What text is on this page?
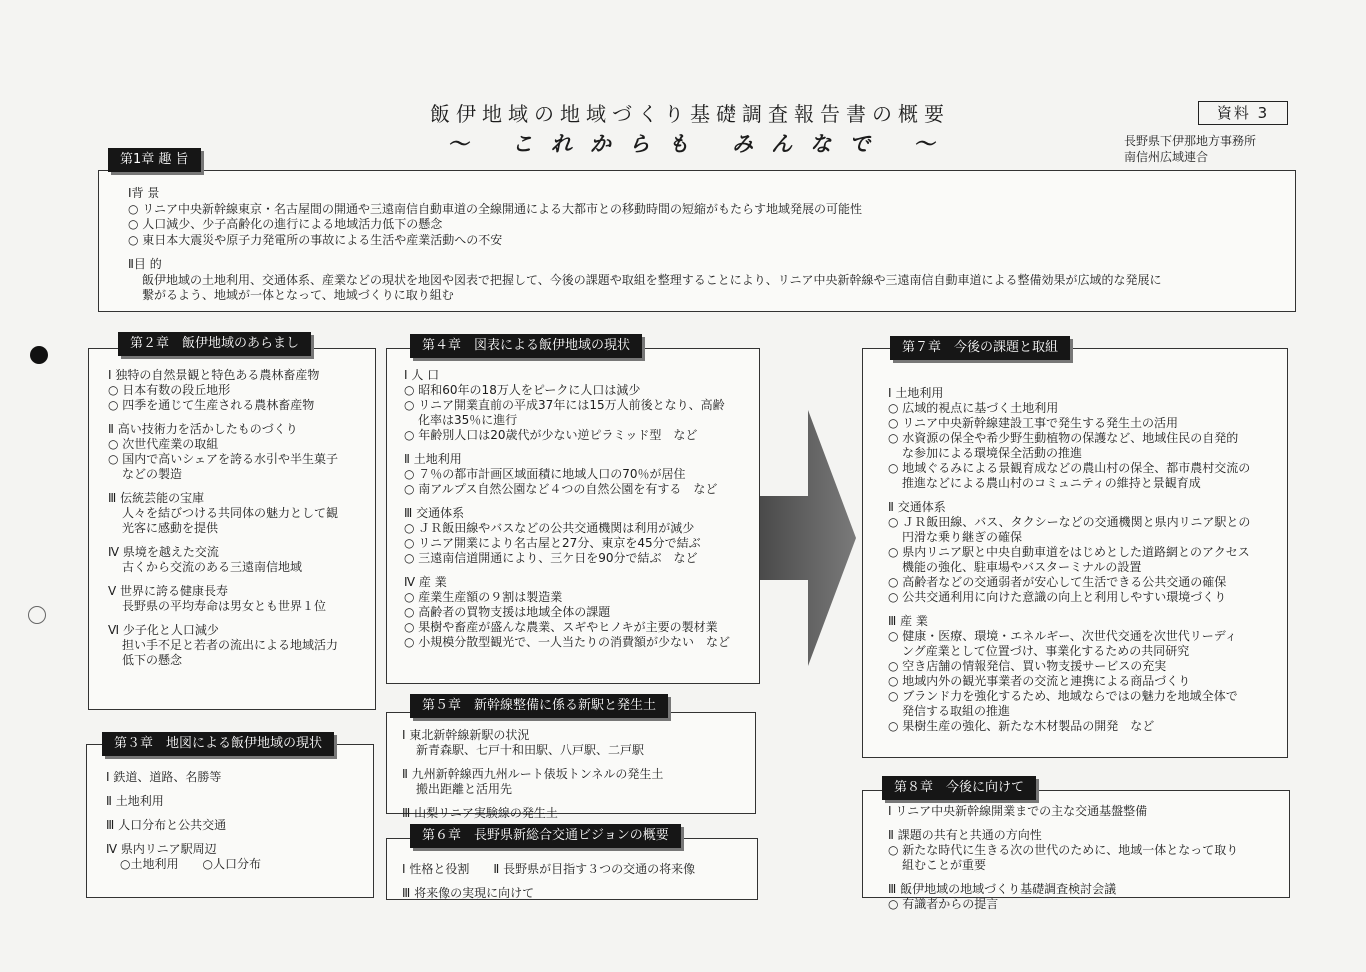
飯伊地域の地域づくり基礎調査報告書の概要
～ これからも みんなで ～
資料 3
長野県下伊那地方事務所
南信州広域連合
第1章 趣 旨
Ⅰ背 景
○ リニア中央新幹線東京・名古屋間の開通や三遠南信自動車道の全線開通による大都市との移動時間の短縮がもたらす地域発展の可能性
○ 人口減少、少子高齢化の進行による地域活力低下の懸念
○ 東日本大震災や原子力発電所の事故による生活や産業活動への不安
Ⅱ目 的
飯伊地域の土地利用、交通体系、産業などの現状を地図や図表で把握して、今後の課題や取組を整理することにより、リニア中央新幹線や三遠南信自動車道による整備効果が広域的な発展に
繋がるよう、地域が一体となって、地域づくりに取り組む
第２章　飯伊地域のあらまし
Ⅰ 独特の自然景観と特色ある農林畜産物
○ 日本有数の段丘地形
○ 四季を通じて生産される農林畜産物
Ⅱ 高い技術力を活かしたものづくり
○ 次世代産業の取組
○ 国内で高いシェアを誇る水引や半生菓子
などの製造
Ⅲ 伝統芸能の宝庫
人々を結びつける共同体の魅力として観
光客に感動を提供
Ⅳ 県境を越えた交流
古くから交流のある三遠南信地域
Ⅴ 世界に誇る健康長寿
長野県の平均寿命は男女とも世界１位
Ⅵ 少子化と人口減少
担い手不足と若者の流出による地域活力
低下の懸念
第３章　地図による飯伊地域の現状
Ⅰ 鉄道、道路、名勝等
Ⅱ 土地利用
Ⅲ 人口分布と公共交通
Ⅳ 県内リニア駅周辺
○土地利用　　○人口分布
第４章　図表による飯伊地域の現状
Ⅰ 人 口
○ 昭和60年の18万人をピークに人口は減少
○ リニア開業直前の平成37年には15万人前後となり、高齢
化率は35％に進行
○ 年齢別人口は20歳代が少ない逆ピラミッド型　など
Ⅱ 土地利用
○ ７％の都市計画区域面積に地域人口の70％が居住
○ 南アルプス自然公園など４つの自然公園を有する　など
Ⅲ 交通体系
○ ＪＲ飯田線やバスなどの公共交通機関は利用が減少
○ リニア開業により名古屋と27分、東京を45分で結ぶ
○ 三遠南信道開通により、三ケ日を90分で結ぶ　など
Ⅳ 産 業
○ 産業生産額の９割は製造業
○ 高齢者の買物支援は地域全体の課題
○ 果樹や畜産が盛んな農業、スギやヒノキが主要の製材業
○ 小規模分散型観光で、一人当たりの消費額が少ない　など
第５章　新幹線整備に係る新駅と発生土
Ⅰ 東北新幹線新駅の状況
新青森駅、七戸十和田駅、八戸駅、二戸駅
Ⅱ 九州新幹線西九州ルート俵坂トンネルの発生土
搬出距離と活用先
Ⅲ 山梨リニア実験線の発生土
第６章　長野県新総合交通ビジョンの概要
Ⅰ 性格と役割　　Ⅱ 長野県が目指す３つの交通の将来像
Ⅲ 将来像の実現に向けて
第７章　今後の課題と取組
Ⅰ 土地利用
○ 広域的視点に基づく土地利用
○ リニア中央新幹線建設工事で発生する発生土の活用
○ 水資源の保全や希少野生動植物の保護など、地域住民の自発的
な参加による環境保全活動の推進
○ 地域ぐるみによる景観育成などの農山村の保全、都市農村交流の
推進などによる農山村のコミュニティの維持と景観育成
Ⅱ 交通体系
○ ＪＲ飯田線、バス、タクシーなどの交通機関と県内リニア駅との
円滑な乗り継ぎの確保
○ 県内リニア駅と中央自動車道をはじめとした道路網とのアクセス
機能の強化、駐車場やバスターミナルの設置
○ 高齢者などの交通弱者が安心して生活できる公共交通の確保
○ 公共交通利用に向けた意識の向上と利用しやすい環境づくり
Ⅲ 産 業
○ 健康・医療、環境・エネルギー、次世代交通を次世代リーディ
ング産業として位置づけ、事業化するための共同研究
○ 空き店舗の情報発信、買い物支援サービスの充実
○ 地域内外の観光事業者の交流と連携による商品づくり
○ ブランド力を強化するため、地域ならではの魅力を地域全体で
発信する取組の推進
○ 果樹生産の強化、新たな木材製品の開発　など
第８章　今後に向けて
Ⅰ リニア中央新幹線開業までの主な交通基盤整備
Ⅱ 課題の共有と共通の方向性
○ 新たな時代に生きる次の世代のために、地域一体となって取り
組むことが重要
Ⅲ 飯伊地域の地域づくり基礎調査検討会議
○ 有識者からの提言
